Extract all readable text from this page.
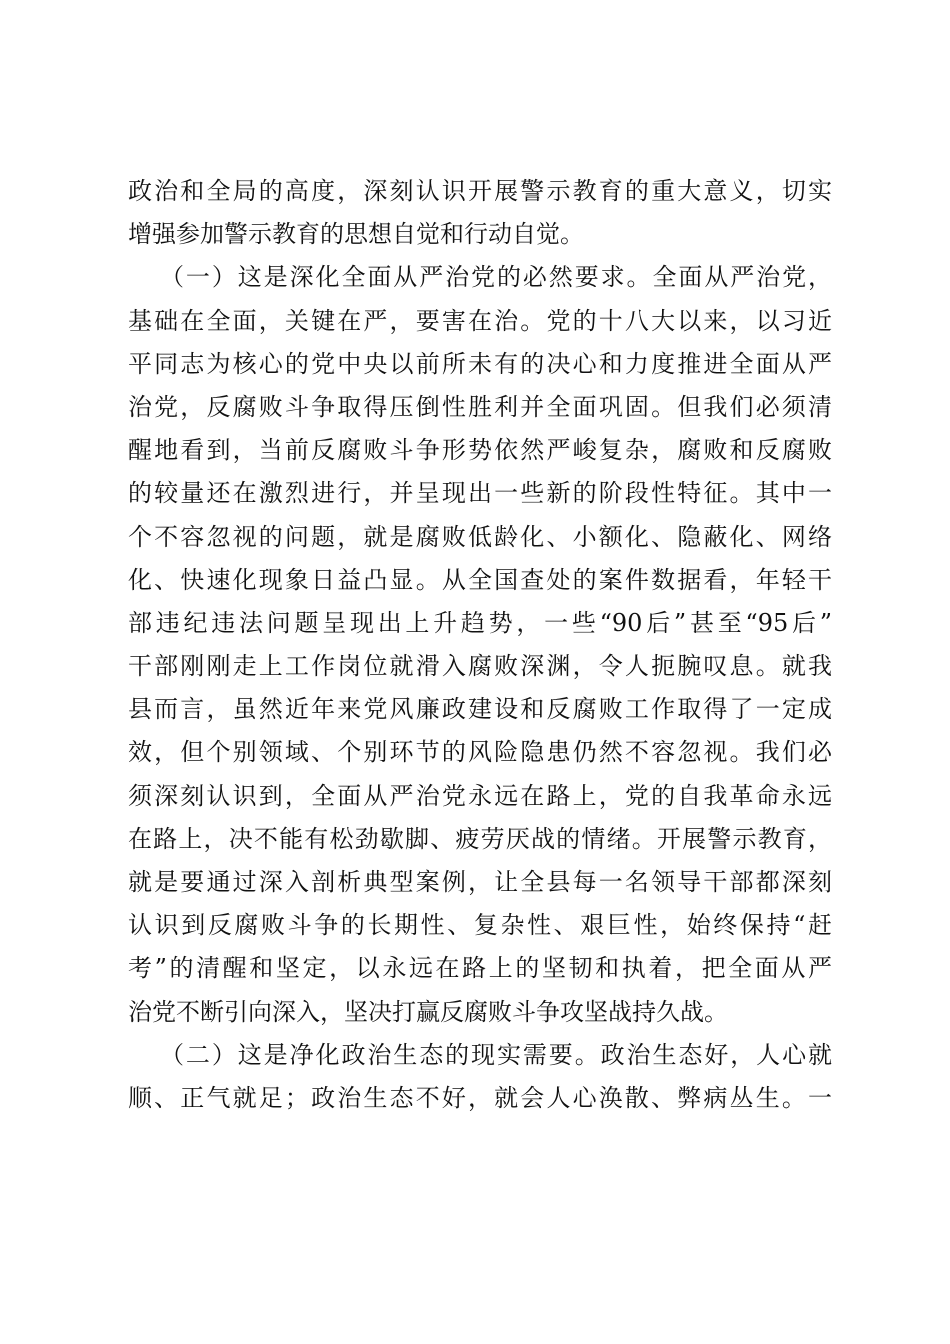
政治和全局的高度，深刻认识开展警示教育的重大意义，切实
增强参加警示教育的思想自觉和行动自觉。
（一）这是深化全面从严治党的必然要求。全面从严治党，
基础在全面，关键在严，要害在治。党的十八大以来，以习近
平同志为核心的党中央以前所未有的决心和力度推进全面从严
治党，反腐败斗争取得压倒性胜利并全面巩固。但我们必须清
醒地看到，当前反腐败斗争形势依然严峻复杂，腐败和反腐败
的较量还在激烈进行，并呈现出一些新的阶段性特征。其中一
个不容忽视的问题，就是腐败低龄化、小额化、隐蔽化、网络
化、快速化现象日益凸显。从全国查处的案件数据看，年轻干
部违纪违法问题呈现出上升趋势，一些“90后”甚至“95后”
干部刚刚走上工作岗位就滑入腐败深渊，令人扼腕叹息。就我
县而言，虽然近年来党风廉政建设和反腐败工作取得了一定成
效，但个别领域、个别环节的风险隐患仍然不容忽视。我们必
须深刻认识到，全面从严治党永远在路上，党的自我革命永远
在路上，决不能有松劲歇脚、疲劳厌战的情绪。开展警示教育，
就是要通过深入剖析典型案例，让全县每一名领导干部都深刻
认识到反腐败斗争的长期性、复杂性、艰巨性，始终保持“赶
考”的清醒和坚定，以永远在路上的坚韧和执着，把全面从严
治党不断引向深入，坚决打赢反腐败斗争攻坚战持久战。
（二）这是净化政治生态的现实需要。政治生态好，人心就
顺、正气就足；政治生态不好，就会人心涣散、弊病丛生。一
